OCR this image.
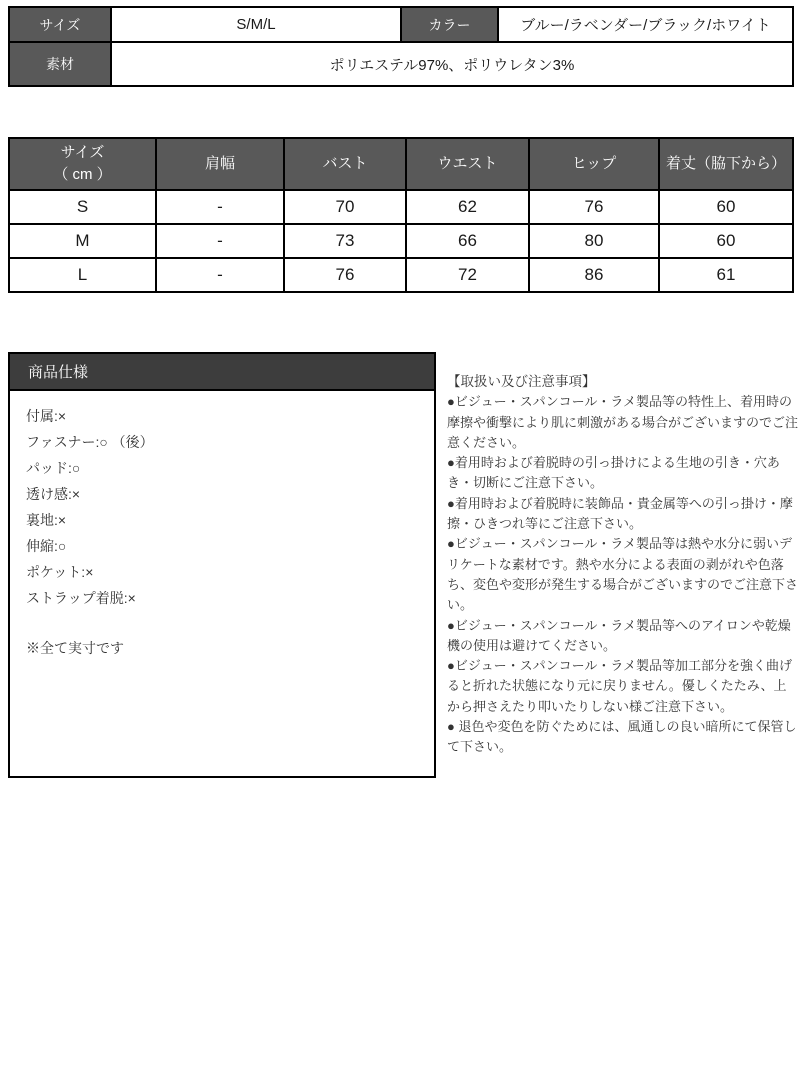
サイズ	S/M/L	カラー	ブルー/ラベンダー/ブラック/ホワイト
素材	ポリエステル97%、ポリウレタン3%		
サイズ
（ cm ）	肩幅	バスト	ウエスト	ヒップ	着丈（脇下から）
S	-	70	62	76	60
M	-	73	66	80	60
L	-	76	72	86	61
商品仕様
付属:×
ファスナー:○ （後）
パッド:○
透け感:×
裏地:×
伸縮:○
ポケット:×
ストラップ着脱:×
※全て実寸です
【取扱い及び注意事項】

●ビジュー・スパンコール・ラメ製品等の特性上、着用時の摩擦や衝撃により肌に刺激がある場合がございますのでご注意ください。

●着用時および着脱時の引っ掛けによる生地の引き・穴あき・切断にご注意下さい。

●着用時および着脱時に装飾品・貴金属等への引っ掛け・摩擦・ひきつれ等にご注意下さい。

●ビジュー・スパンコール・ラメ製品等は熱や水分に弱いデリケートな素材です。熱や水分による表面の剥がれや色落ち、変色や変形が発生する場合がございますのでご注意下さい。

●ビジュー・スパンコール・ラメ製品等へのアイロンや乾燥機の使用は避けてください。

●ビジュー・スパンコール・ラメ製品等加工部分を強く曲げると折れた状態になり元に戻りません。優しくたたみ、上から押さえたり叩いたりしない様ご注意下さい。

● 退色や変色を防ぐためには、風通しの良い暗所にて保管して下さい。
